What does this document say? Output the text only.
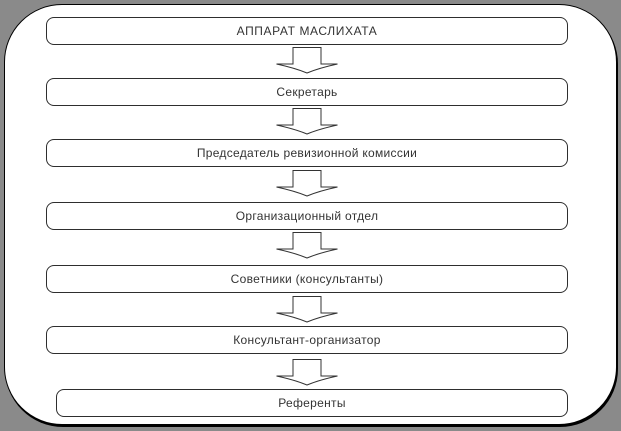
АППАРАТ МАСЛИХАТА
Секретарь
Председатель ревизионной комиссии
Организационный отдел
Советники (консультанты)
Консультант-организатор
Референты
